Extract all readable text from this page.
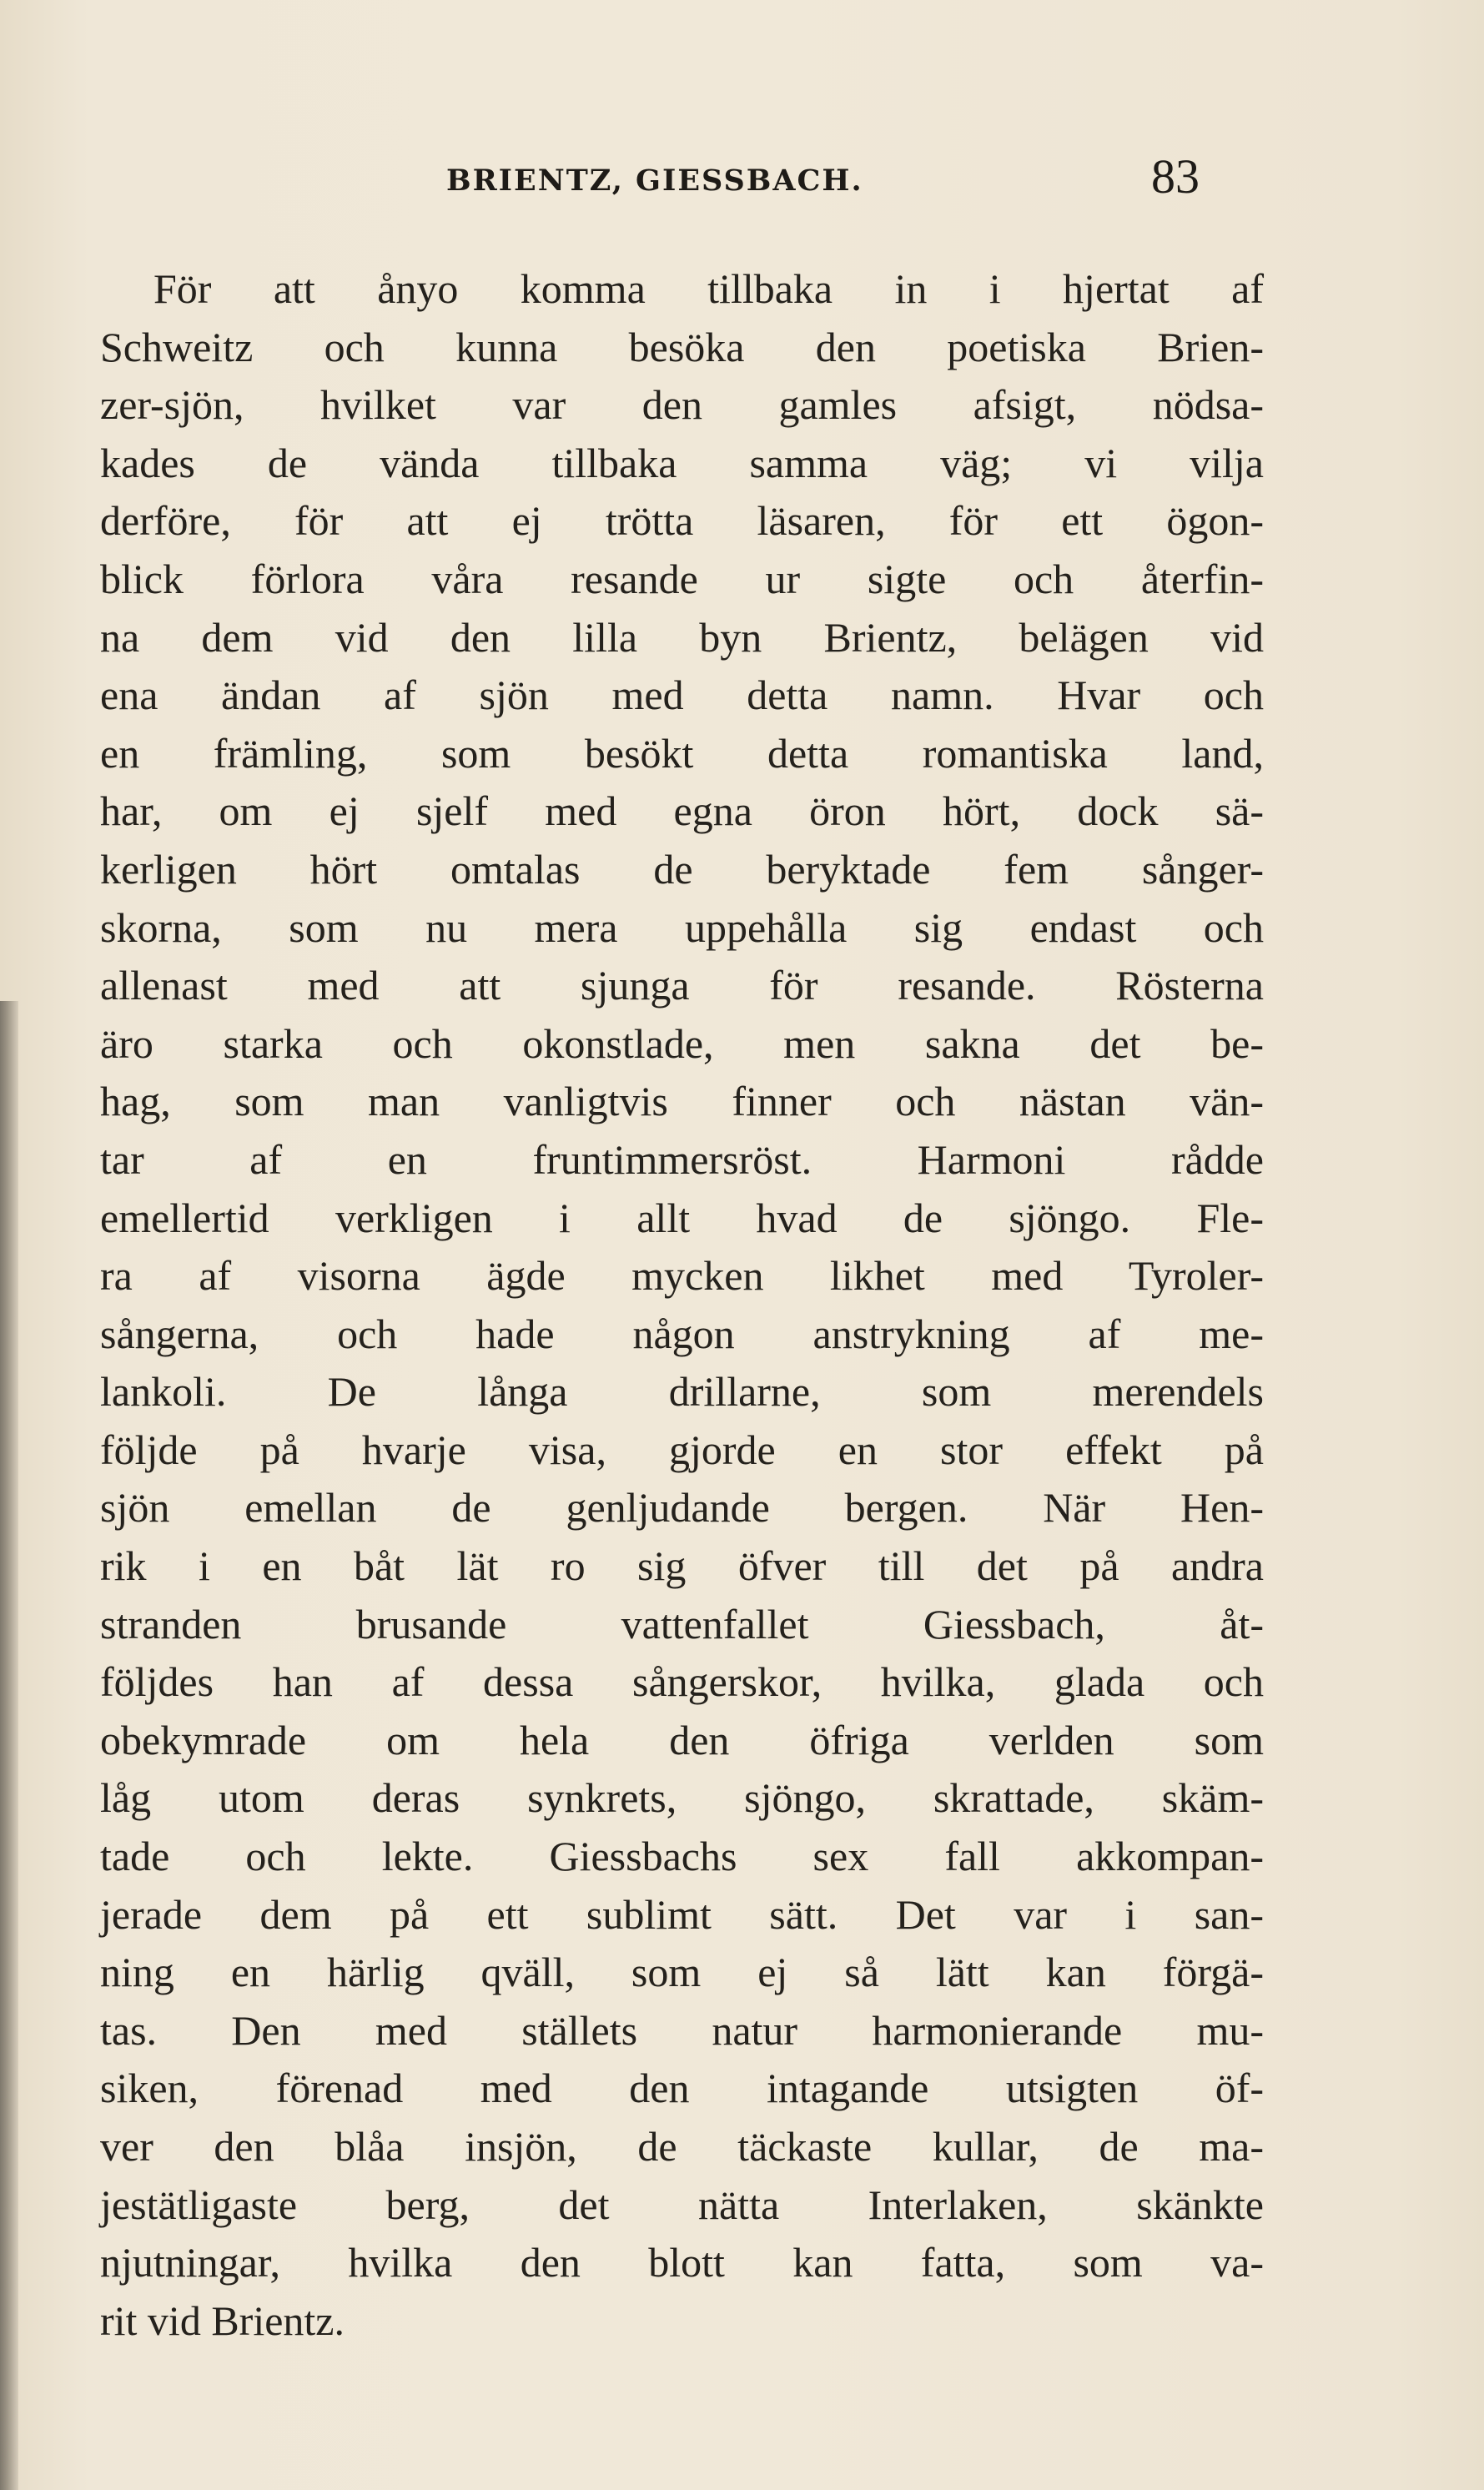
BRIENTZ, GIESSBACH.	83
För att ånyo komma tillbaka in i hjertat af
Schweitz och kunna besöka den poetiska Brien-
zer-sjön, hvilket var den gamles afsigt, nödsa-
kades de vända tillbaka samma väg; vi vilja
derföre, för att ej trötta läsaren, för ett ögon-
blick förlora våra resande ur sigte och återfin-
na dem vid den lilla byn Brientz, belägen vid
ena ändan af sjön med detta namn. Hvar och
en främling, som besökt detta romantiska land,
har, om ej sjelf med egna öron hört, dock sä-
kerligen hört omtalas de beryktade fem sånger-
skorna, som nu mera uppehålla sig endast och
allenast med att sjunga för resande. Rösterna
äro starka och okonstlade, men sakna det be-
hag, som man vanligtvis finner och nästan vän-
tar af en fruntimmersröst. Harmoni rådde
emellertid verkligen i allt hvad de sjöngo. Fle-
ra af visorna ägde mycken likhet med Tyroler-
sångerna, och hade någon anstrykning af me-
lankoli. De långa drillarne, som merendels
följde på hvarje visa, gjorde en stor effekt på
sjön emellan de genljudande bergen. När Hen-
rik i en båt lät ro sig öfver till det på andra
stranden brusande vattenfallet Giessbach, åt-
följdes han af dessa sångerskor, hvilka, glada och
obekymrade om hela den öfriga verlden som
låg utom deras synkrets, sjöngo, skrattade, skäm-
tade och lekte. Giessbachs sex fall akkompan-
jerade dem på ett sublimt sätt. Det var i san-
ning en härlig qväll, som ej så lätt kan förgä-
tas. Den med ställets natur harmonierande mu-
siken, förenad med den intagande utsigten öf-
ver den blåa insjön, de täckaste kullar, de ma-
jestätligaste berg, det nätta Interlaken, skänkte
njutningar, hvilka den blott kan fatta, som va-
rit vid Brientz.
